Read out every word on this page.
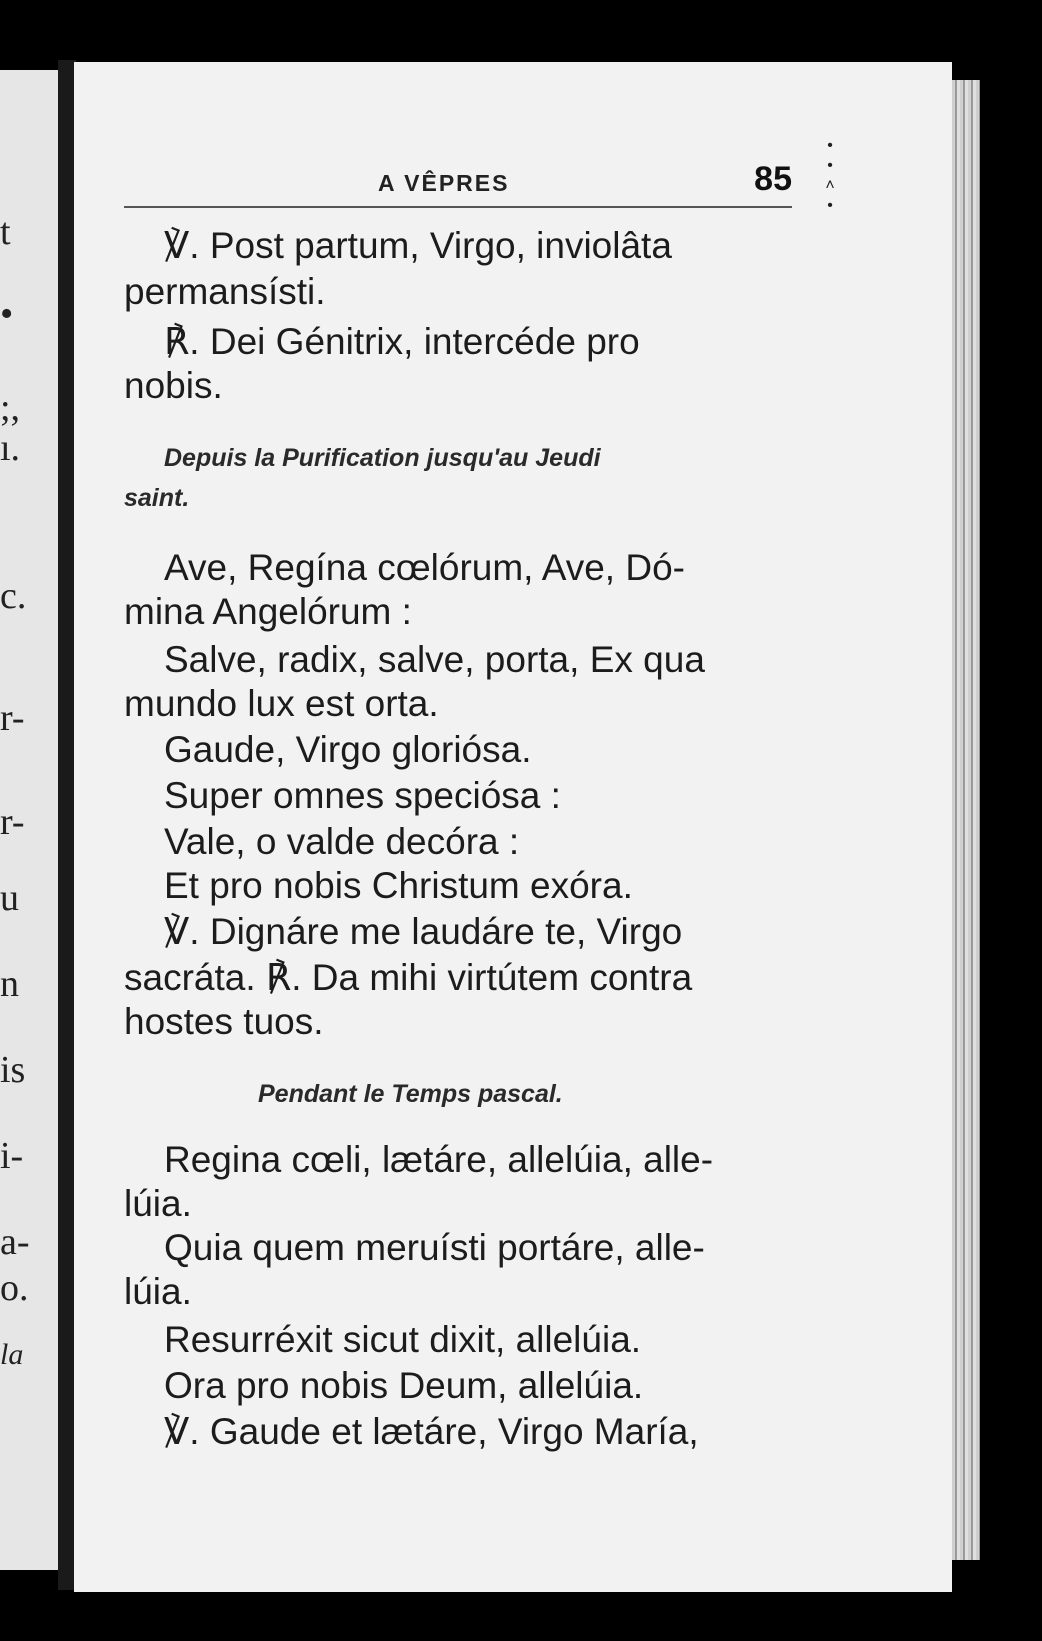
t
•
;,
ı.
c.
r-
r-
u
n
is
i-
a-
o.
la
•
•
˄
•
A VÊPRES	85
℣. Post partum, Virgo, inviolâta
permansísti.
℟. Dei Génitrix, intercéde pro
nobis.
Depuis la Purification jusqu'au Jeudi
saint.
Ave, Regína cœlórum, Ave, Dó-
mina Angelórum :
Salve, radix, salve, porta, Ex qua
mundo lux est orta.
Gaude, Virgo gloriósa.
Super omnes speciósa :
Vale, o valde decóra :
Et pro nobis Christum exóra.
℣. Dignáre me laudáre te, Virgo
sacráta. ℟. Da mihi virtútem contra
hostes tuos.
Pendant le Temps pascal.
Regina cœli, lætáre, allelúia, alle-
lúia.
Quia quem meruísti portáre, alle-
lúia.
Resurréxit sicut dixit, allelúia.
Ora pro nobis Deum, allelúia.
℣. Gaude et lætáre, Virgo María,
